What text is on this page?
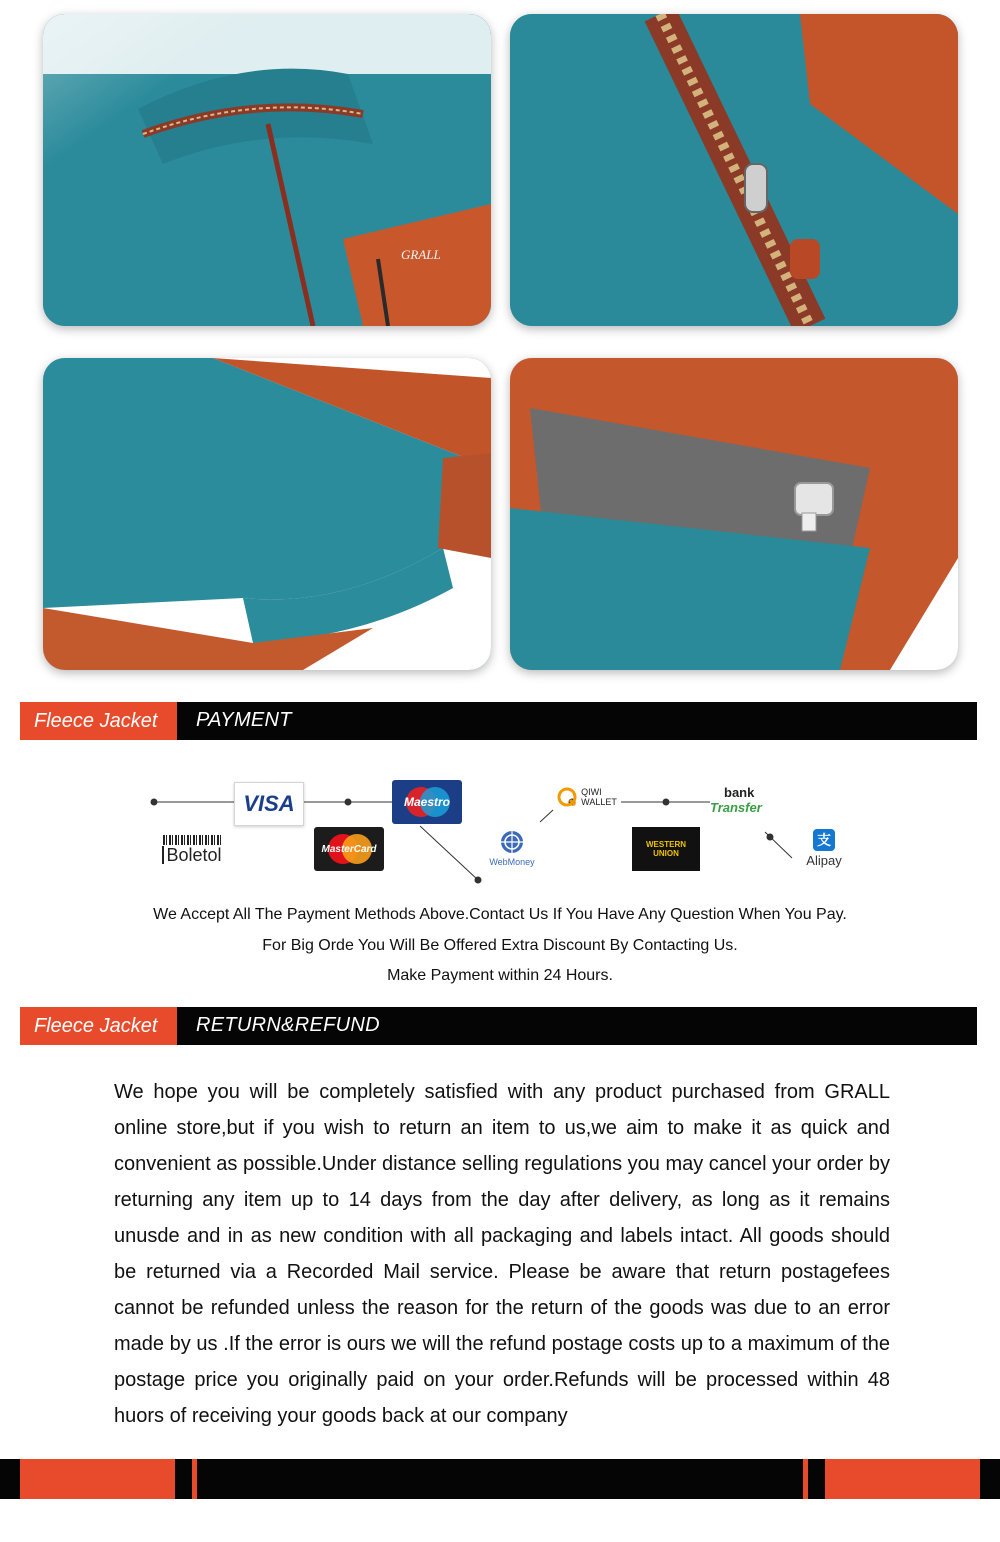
GRALL
Fleece Jacket	PAYMENT
VISA	Maestro
MasterCard
Boletol	WebMoney
QIWI
WALLET
WESTERN
UNION
bank
Transfer
支
Alipay
We Accept All The Payment Methods Above.Contact Us If You Have Any Question When You Pay.
For Big Orde You Will Be Offered Extra Discount By Contacting Us.
Make Payment within 24 Hours.
Fleece Jacket	RETURN&REFUND
We hope you will be completely satisfied with any product purchased from GRALL online store,but if you wish to return an item to us,we aim to make it as quick and convenient as possible.Under distance selling regulations you may cancel your order by returning any item up to 14 days from the day after delivery, as long as it remains unusde and in as new condition with all packaging and labels intact. All goods should be returned via a Recorded Mail service. Please be aware that return postagefees cannot be refunded unless the reason for the return of the goods was due to an error made by us .If the error is ours we will the refund postage costs up to a maximum of the postage price you originally paid on your order.Refunds will be processed within 48 huors of receiving your goods back at our company
